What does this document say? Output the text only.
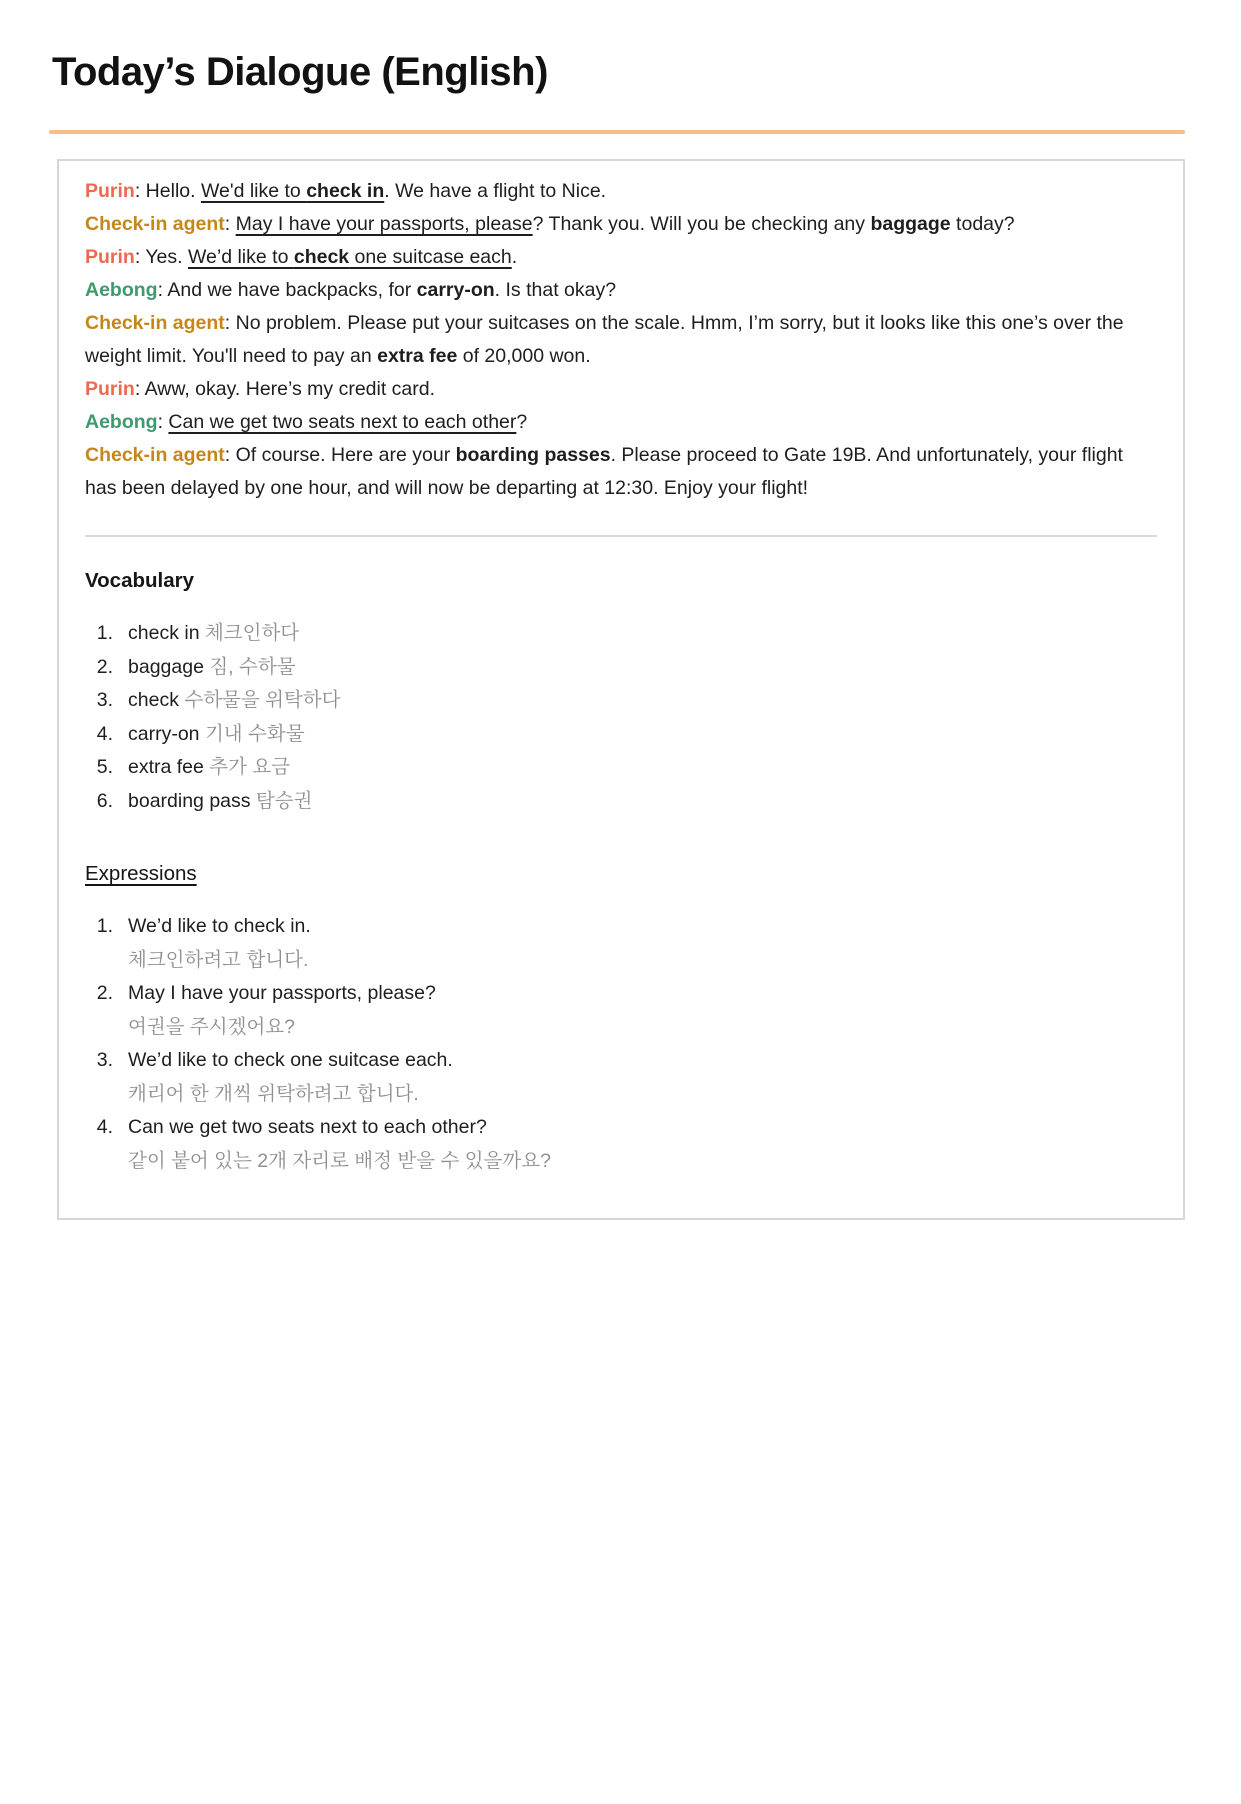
Today’s Dialogue (English)

Purin: Hello. We'd like to check in. We have a flight to Nice.

Check-in agent: May I have your passports, please? Thank you. Will you be checking any baggage today?

Purin: Yes. We’d like to check one suitcase each.

Aebong: And we have backpacks, for carry-on. Is that okay?

Check-in agent: No problem. Please put your suitcases on the scale. Hmm, I’m sorry, but it looks like this one’s over the weight limit. You'll need to pay an extra fee of 20,000 won.

Purin: Aww, okay. Here’s my credit card.

Aebong: Can we get two seats next to each other?

Check-in agent: Of course. Here are your boarding passes. Please proceed to Gate 19B. And unfortunately, your flight has been delayed by one hour, and will now be departing at 12:30. Enjoy your flight!

Vocabulary
1. check in 체크인하다
2. baggage 짐, 수하물
3. check 수하물을 위탁하다
4. carry-on 기내 수화물
5. extra fee 추가 요금
6. boarding pass 탐승권
Expressions
1. We’d like to check in.
체크인하려고 합니다.
2. May I have your passports, please?
여권을 주시겠어요?
3. We’d like to check one suitcase each.
캐리어 한 개씩 위탁하려고 합니다.
4. Can we get two seats next to each other?
같이 붙어 있는 2개 자리로 배정 받을 수 있을까요?
